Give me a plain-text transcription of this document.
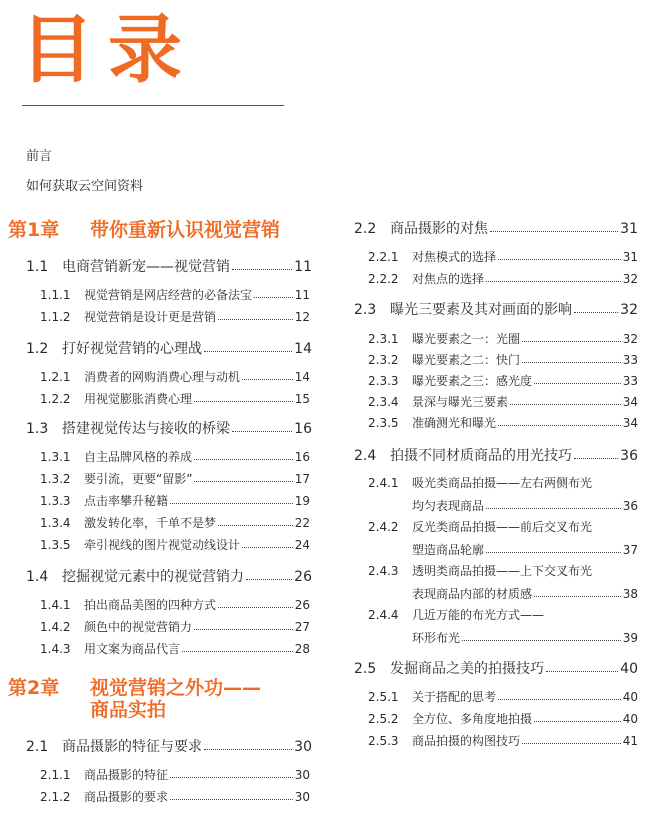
目录
前言
如何获取云空间资料
第1章 带你重新认识视觉营销
1.1 电商营销新宠——视觉营销	11
1.1.1	视觉营销是网店经营的必备法宝	11
1.1.2	视觉营销是设计更是营销	12
1.2 打好视觉营销的心理战	14
1.2.1	消费者的网购消费心理与动机	14
1.2.2	用视觉膨胀消费心理	15
1.3 搭建视觉传达与接收的桥梁	16
1.3.1	自主品牌风格的养成	16
1.3.2	要引流，更要“留影”	17
1.3.3	点击率攀升秘籍	19
1.3.4	激发转化率，千单不是梦	22
1.3.5	牵引视线的图片视觉动线设计	24
1.4 挖掘视觉元素中的视觉营销力	26
1.4.1	拍出商品美图的四种方式	26
1.4.2	颜色中的视觉营销力	27
1.4.3	用文案为商品代言	28
第2章 视觉营销之外功——
商品实拍
2.1 商品摄影的特征与要求	30
2.1.1	商品摄影的特征	30
2.1.2	商品摄影的要求	30
2.2 商品摄影的对焦	31
2.2.1	对焦模式的选择	31
2.2.2	对焦点的选择	32
2.3 曝光三要素及其对画面的影响	32
2.3.1	曝光要素之一：光圈	32
2.3.2	曝光要素之二：快门	33
2.3.3	曝光要素之三：感光度	33
2.3.4	景深与曝光三要素	34
2.3.5	准确测光和曝光	34
2.4 拍摄不同材质商品的用光技巧	36
2.4.1 吸光类商品拍摄——左右两侧布光
均匀表现商品	36
2.4.2 反光类商品拍摄——前后交叉布光
塑造商品轮廓	37
2.4.3 透明类商品拍摄——上下交叉布光
表现商品内部的材质感	38
2.4.4 几近万能的布光方式——
环形布光	39
2.5 发掘商品之美的拍摄技巧	40
2.5.1	关于搭配的思考	40
2.5.2	全方位、多角度地拍摄	40
2.5.3	商品拍摄的构图技巧	41
